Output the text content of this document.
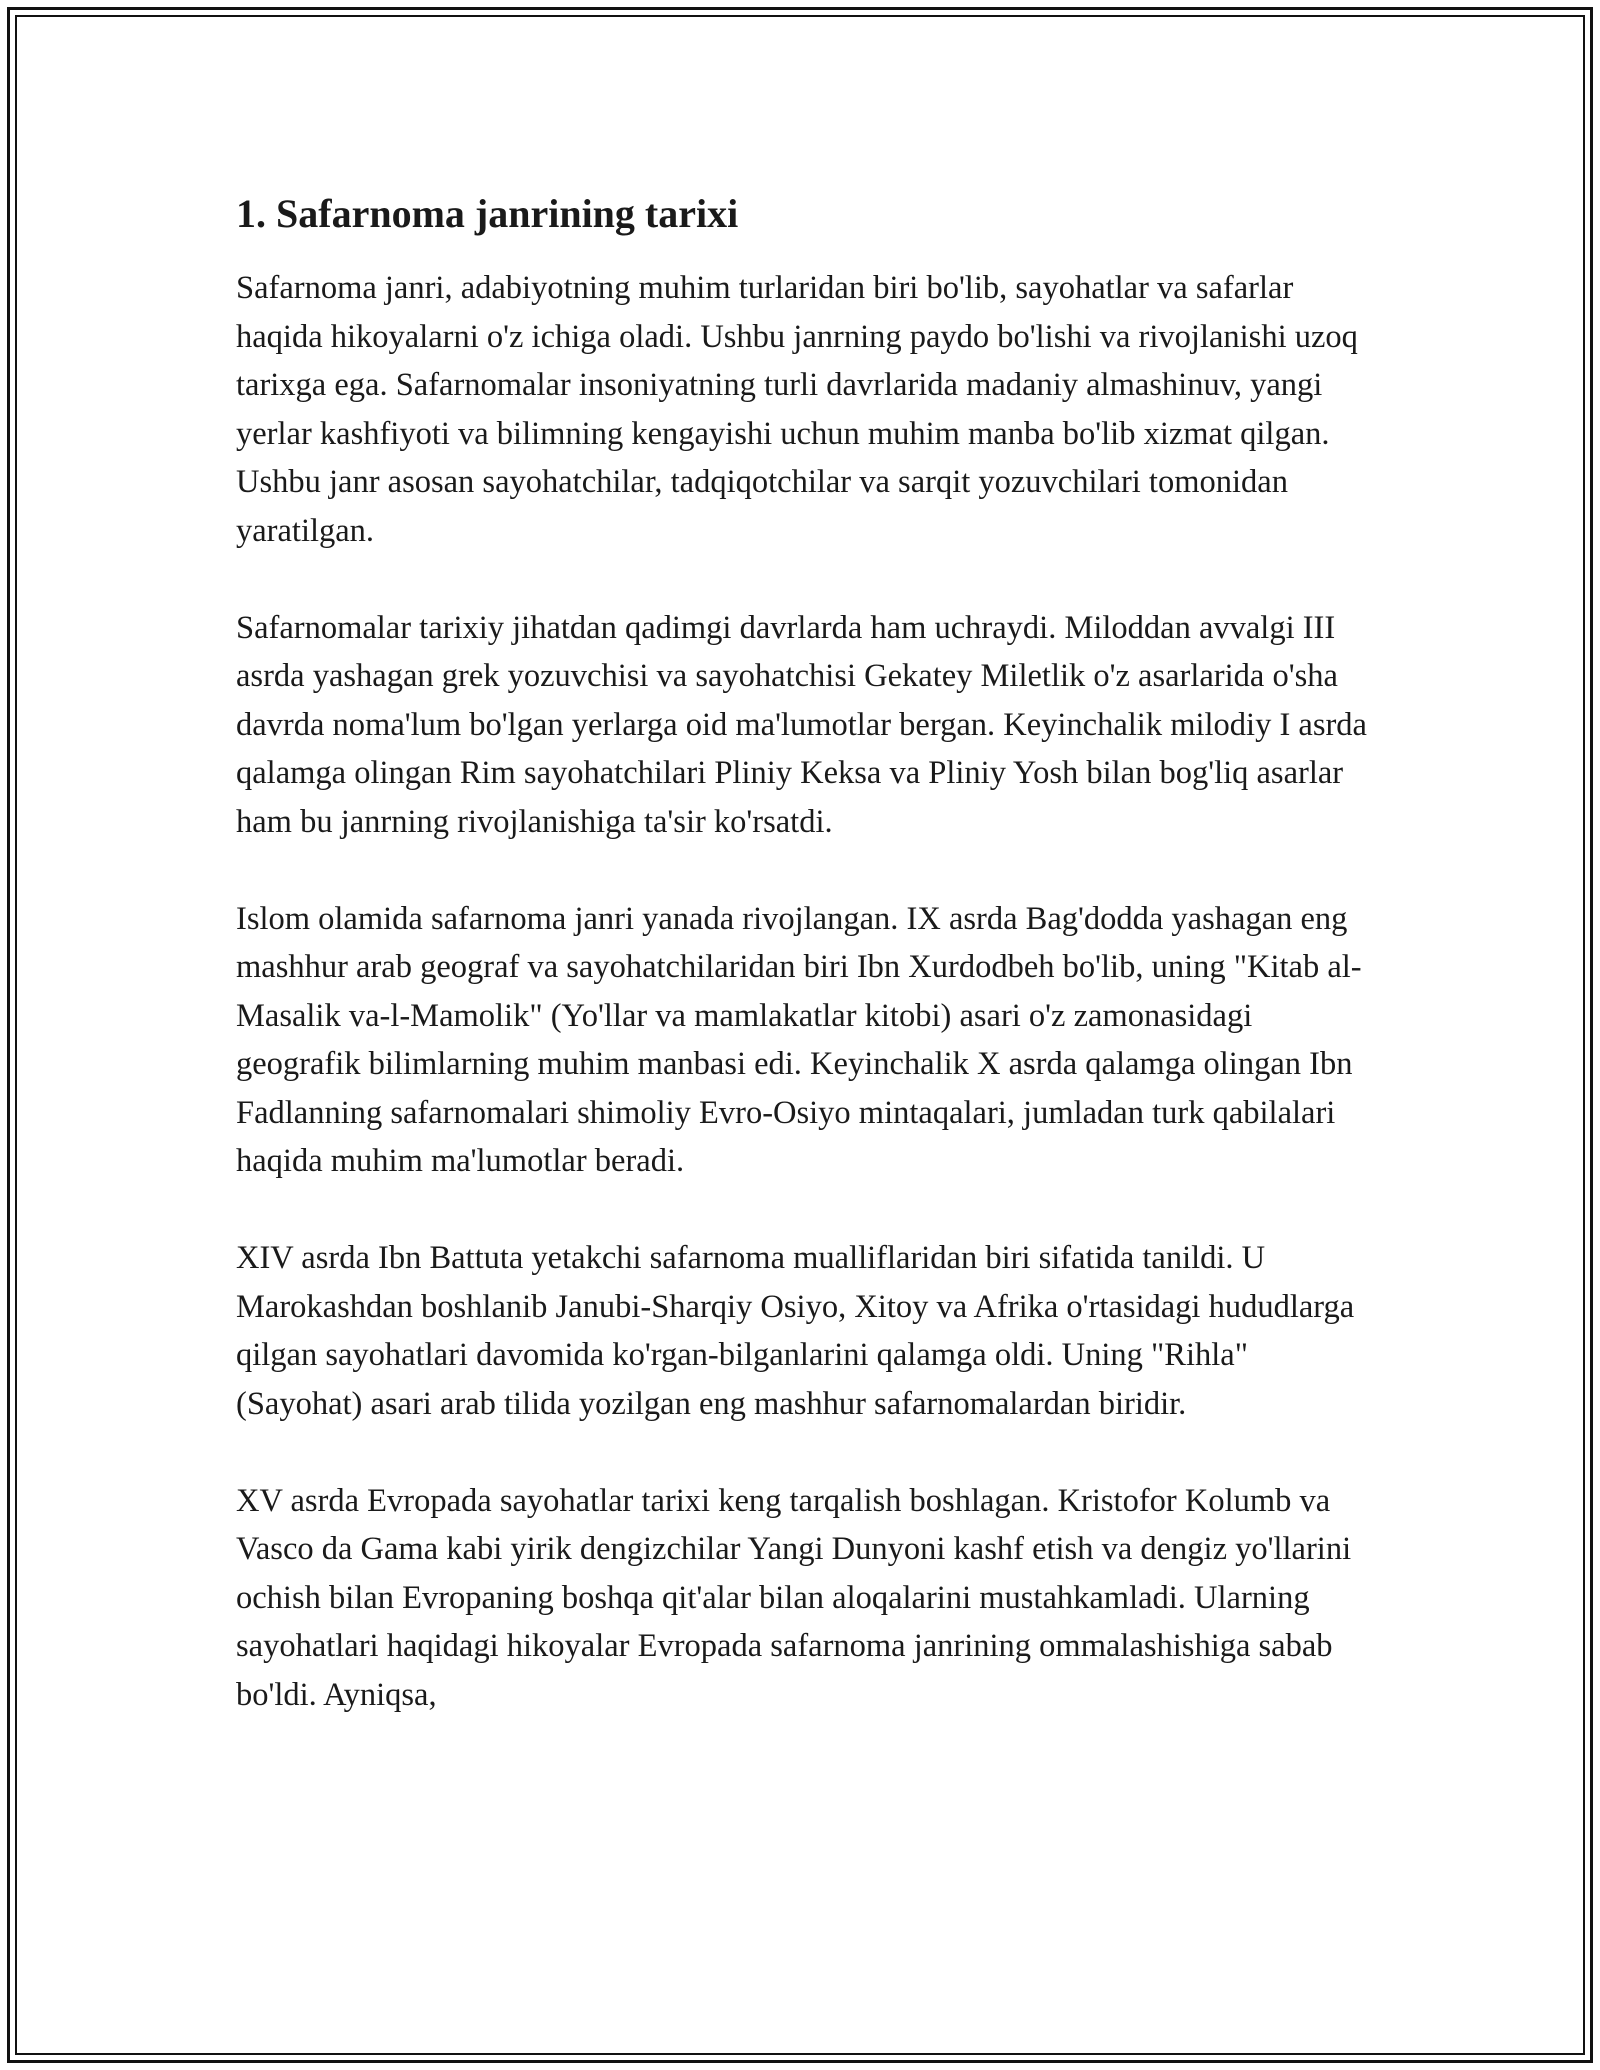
1. Safarnoma janrining tarixi

Safarnoma janri, adabiyotning muhim turlaridan biri bo'lib, sayohatlar va safarlar haqida hikoyalarni o'z ichiga oladi. Ushbu janrning paydo bo'lishi va rivojlanishi uzoq tarixga ega. Safarnomalar insoniyatning turli davrlarida madaniy almashinuv, yangi yerlar kashfiyoti va bilimning kengayishi uchun muhim manba bo'lib xizmat qilgan. Ushbu janr asosan sayohatchilar, tadqiqotchilar va sarqit yozuvchilari tomonidan yaratilgan.

Safarnomalar tarixiy jihatdan qadimgi davrlarda ham uchraydi. Miloddan avvalgi III asrda yashagan grek yozuvchisi va sayohatchisi Gekatey Miletlik o'z asarlarida o'sha davrda noma'lum bo'lgan yerlarga oid ma'lumotlar bergan. Keyinchalik milodiy I asrda qalamga olingan Rim sayohatchilari Pliniy Keksa va Pliniy Yosh bilan bog'liq asarlar ham bu janrning rivojlanishiga ta'sir ko'rsatdi.

Islom olamida safarnoma janri yanada rivojlangan. IX asrda Bag'dodda yashagan eng mashhur arab geograf va sayohatchilaridan biri Ibn Xurdodbeh bo'lib, uning "Kitab al-Masalik va-l-Mamolik" (Yo'llar va mamlakatlar kitobi) asari o'z zamonasidagi geografik bilimlarning muhim manbasi edi. Keyinchalik X asrda qalamga olingan Ibn Fadlanning safarnomalari shimoliy Evro-Osiyo mintaqalari, jumladan turk qabilalari haqida muhim ma'lumotlar beradi.

XIV asrda Ibn Battuta yetakchi safarnoma mualliflaridan biri sifatida tanildi. U Marokashdan boshlanib Janubi-Sharqiy Osiyo, Xitoy va Afrika o'rtasidagi hududlarga qilgan sayohatlari davomida ko'rgan-bilganlarini qalamga oldi. Uning "Rihla" (Sayohat) asari arab tilida yozilgan eng mashhur safarnomalardan biridir.

XV asrda Evropada sayohatlar tarixi keng tarqalish boshlagan. Kristofor Kolumb va Vasco da Gama kabi yirik dengizchilar Yangi Dunyoni kashf etish va dengiz yo'llarini ochish bilan Evropaning boshqa qit'alar bilan aloqalarini mustahkamladi. Ularning sayohatlari haqidagi hikoyalar Evropada safarnoma janrining ommalashishiga sabab bo'ldi. Ayniqsa,
